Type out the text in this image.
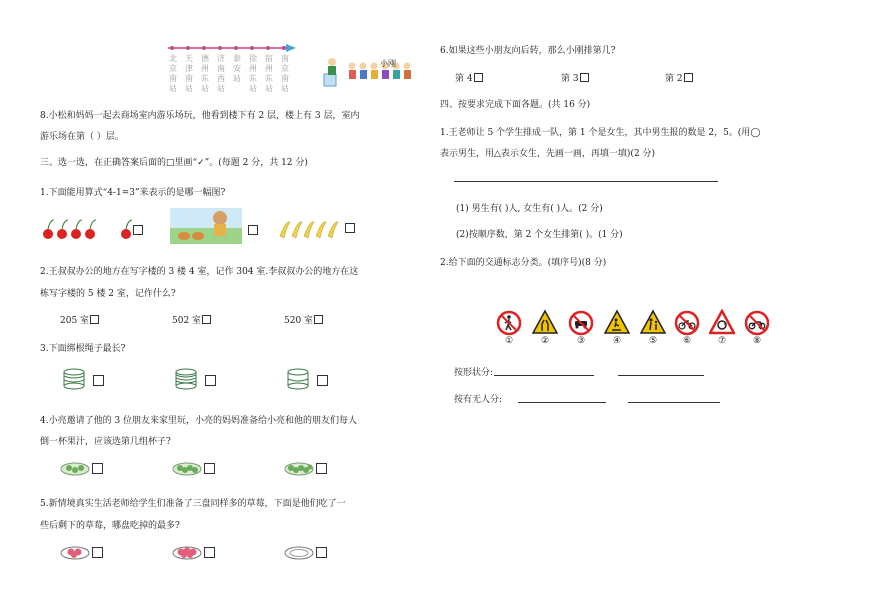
北京南站
天津南站
德州东站
济南西站
泰安站
徐州东站
宿州东站
南京南站
小刚
8.小松和妈妈一起去商场室内游乐场玩，他看到楼下有 2 层，楼上有 3 层，室内
游乐场在第（ ）层。
三、选一选，在正确答案后面的□里画“✓”。(每题 2 分，共 12 分)
1.下面能用算式“4-1=3”来表示的是哪一幅图?
2.王叔叔办公的地方在写字楼的 3 楼 4 室，记作 304 室.李叔叔办公的地方在这
栋写字楼的 5 楼 2 室，记作什么?
205 室	502 室	520 室
3.下面绑根绳子最长?
4.小亮邀请了他的 3 位朋友来家里玩，小亮的妈妈准备给小亮和他的朋友们每人
倒一杯果汁，应该选第几组杯子?
5.新情境真实生活老师给学生们准备了三盘同样多的草莓，下面是他们吃了一
些后剩下的草莓，哪盘吃掉的最多?
6.如果这些小朋友向后转，那么小刚排第几?
第 4	第 3	第 2
四、按要求完成下面各题。(共 16 分)
1.王老师让 5 个学生排成一队，第 1 个是女生，其中男生报的数是 2，5。(用◯
表示男生，用△表示女生，先画一画，再填一填)(2 分)
(1) 男生有( )人, 女生有( )人。(2 分)
(2)按顺序数，第 2 个女生排第( )。(1 分)
2.给下面的交通标志分类。(填序号)(8 分)
①	②	③	④	⑤	⑥	⑦	⑧
按形状分:
按有无人分:
